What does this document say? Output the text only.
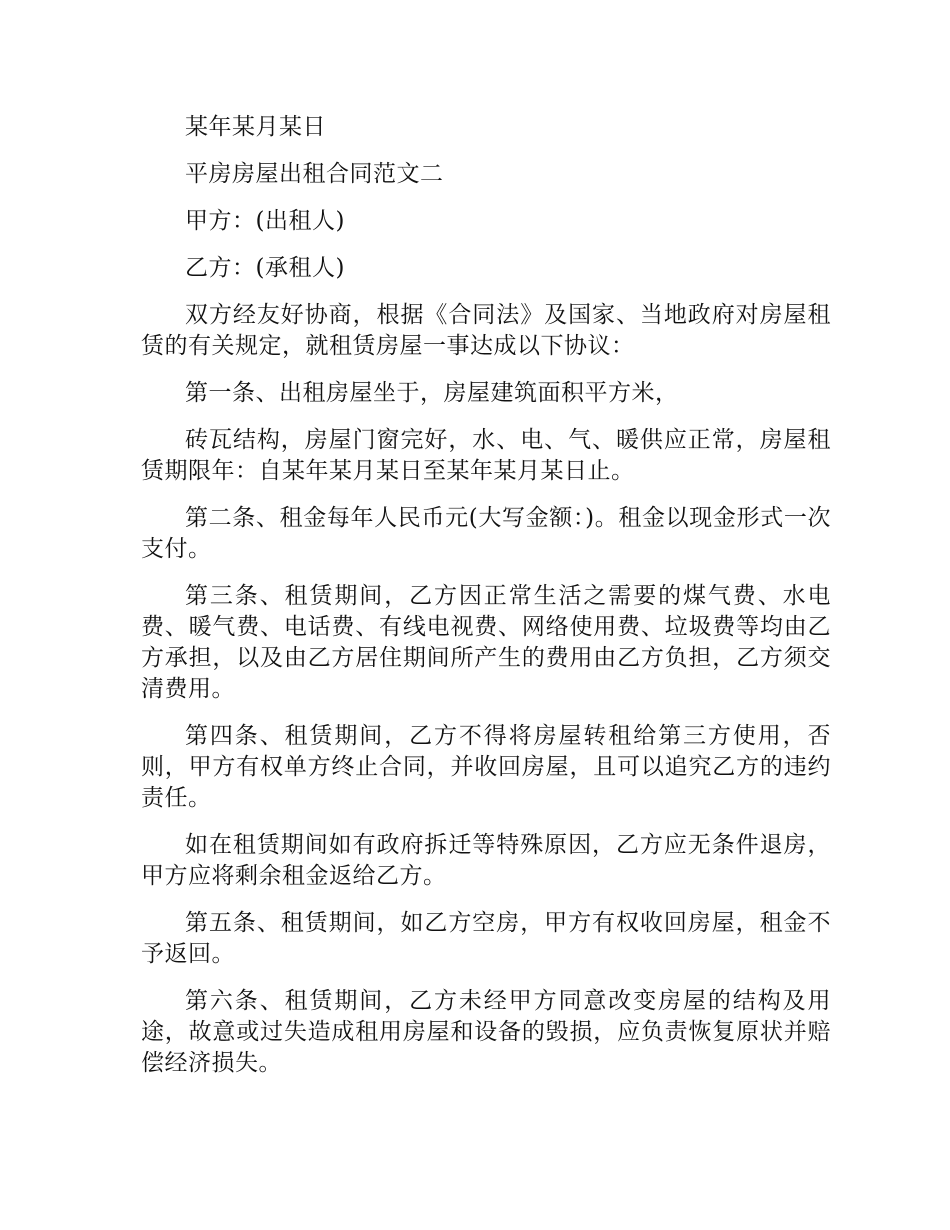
某年某月某日

平房房屋出租合同范文二

甲方：(出租人)

乙方：(承租人)

双方经友好协商，根据《合同法》及国家、当地政府对房屋租赁的有关规定，就租赁房屋一事达成以下协议：

第一条、出租房屋坐于，房屋建筑面积平方米，

砖瓦结构，房屋门窗完好，水、电、气、暖供应正常，房屋租赁期限年：自某年某月某日至某年某月某日止。

第二条、租金每年人民币元(大写金额：)。租金以现金形式一次支付。

第三条、租赁期间，乙方因正常生活之需要的煤气费、水电费、暖气费、电话费、有线电视费、网络使用费、垃圾费等均由乙方承担，以及由乙方居住期间所产生的费用由乙方负担，乙方须交清费用。

第四条、租赁期间，乙方不得将房屋转租给第三方使用，否则，甲方有权单方终止合同，并收回房屋，且可以追究乙方的违约责任。

如在租赁期间如有政府拆迁等特殊原因，乙方应无条件退房，甲方应将剩余租金返给乙方。

第五条、租赁期间，如乙方空房，甲方有权收回房屋，租金不予返回。

第六条、租赁期间，乙方未经甲方同意改变房屋的结构及用途，故意或过失造成租用房屋和设备的毁损，应负责恢复原状并赔偿经济损失。
